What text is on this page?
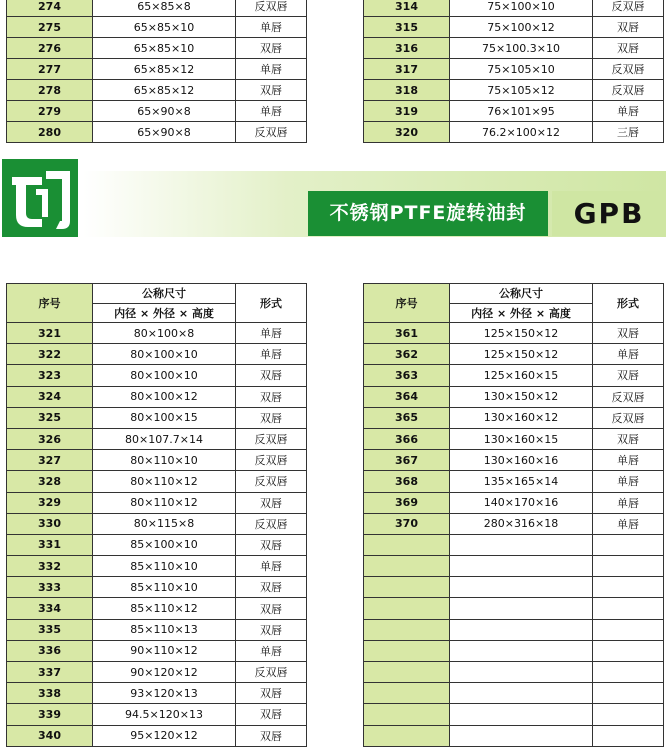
274	65×85×8	反双唇
275	65×85×10	单唇
276	65×85×10	双唇
277	65×85×12	单唇
278	65×85×12	双唇
279	65×90×8	单唇
280	65×90×8	反双唇
314	75×100×10	反双唇
315	75×100×12	双唇
316	75×100.3×10	双唇
317	75×105×10	反双唇
318	75×105×12	反双唇
319	76×101×95	单唇
320	76.2×100×12	三唇
不锈钢PTFE旋转油封	GPB
序号	公称尺寸	形式
	内径 × 外径 × 高度	
321	80×100×8	单唇
322	80×100×10	单唇
323	80×100×10	双唇
324	80×100×12	双唇
325	80×100×15	双唇
326	80×107.7×14	反双唇
327	80×110×10	反双唇
328	80×110×12	反双唇
329	80×110×12	双唇
330	80×115×8	反双唇
331	85×100×10	双唇
332	85×110×10	单唇
333	85×110×10	双唇
334	85×110×12	双唇
335	85×110×13	双唇
336	90×110×12	单唇
337	90×120×12	反双唇
338	93×120×13	双唇
339	94.5×120×13	双唇
340	95×120×12	双唇
序号	公称尺寸	形式
	内径 × 外径 × 高度	
361	125×150×12	双唇
362	125×150×12	单唇
363	125×160×15	双唇
364	130×150×12	反双唇
365	130×160×12	反双唇
366	130×160×15	双唇
367	130×160×16	单唇
368	135×165×14	单唇
369	140×170×16	单唇
370	280×316×18	单唇
